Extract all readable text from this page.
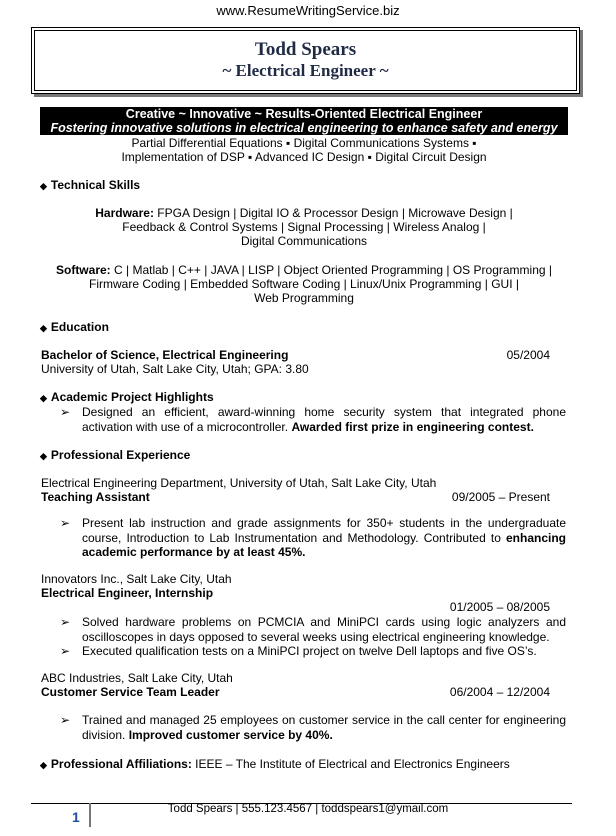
www.ResumeWritingService.biz
Todd Spears
~ Electrical Engineer ~
Creative ~ Innovative ~ Results-Oriented Electrical Engineer
Fostering innovative solutions in electrical engineering to enhance safety and energy
Partial Differential Equations ▪ Digital Communications Systems ▪
Implementation of DSP ▪ Advanced IC Design ▪ Digital Circuit Design
◆ Technical Skills
Hardware: FPGA Design | Digital IO & Processor Design | Microwave Design |
Feedback & Control Systems | Signal Processing | Wireless Analog |
Digital Communications
Software: C | Matlab | C++ | JAVA | LISP | Object Oriented Programming | OS Programming |
Firmware Coding | Embedded Software Coding | Linux/Unix Programming | GUI |
Web Programming
◆ Education
Bachelor of Science, Electrical Engineering	05/2004
University of Utah, Salt Lake City, Utah; GPA: 3.80
◆ Academic Project Highlights
➢ Designed an efficient, award-winning home security system that integrated phone activation with use of a microcontroller. Awarded first prize in engineering contest.
◆ Professional Experience
Electrical Engineering Department, University of Utah, Salt Lake City, Utah
Teaching Assistant	09/2005 – Present
➢ Present lab instruction and grade assignments for 350+ students in the undergraduate course, Introduction to Lab Instrumentation and Methodology. Contributed to enhancing academic performance by at least 45%.
Innovators Inc., Salt Lake City, Utah
Electrical Engineer, Internship
01/2005 – 08/2005
➢ Solved hardware problems on PCMCIA and MiniPCI cards using logic analyzers and oscilloscopes in days opposed to several weeks using electrical engineering knowledge.
➢ Executed qualification tests on a MiniPCI project on twelve Dell laptops and five OS’s.
ABC Industries, Salt Lake City, Utah
Customer Service Team Leader	06/2004 – 12/2004
➢ Trained and managed 25 employees on customer service in the call center for engineering division. Improved customer service by 40%.
◆ Professional Affiliations: IEEE – The Institute of Electrical and Electronics Engineers
1	Todd Spears | 555.123.4567 | toddspears1@ymail.com
